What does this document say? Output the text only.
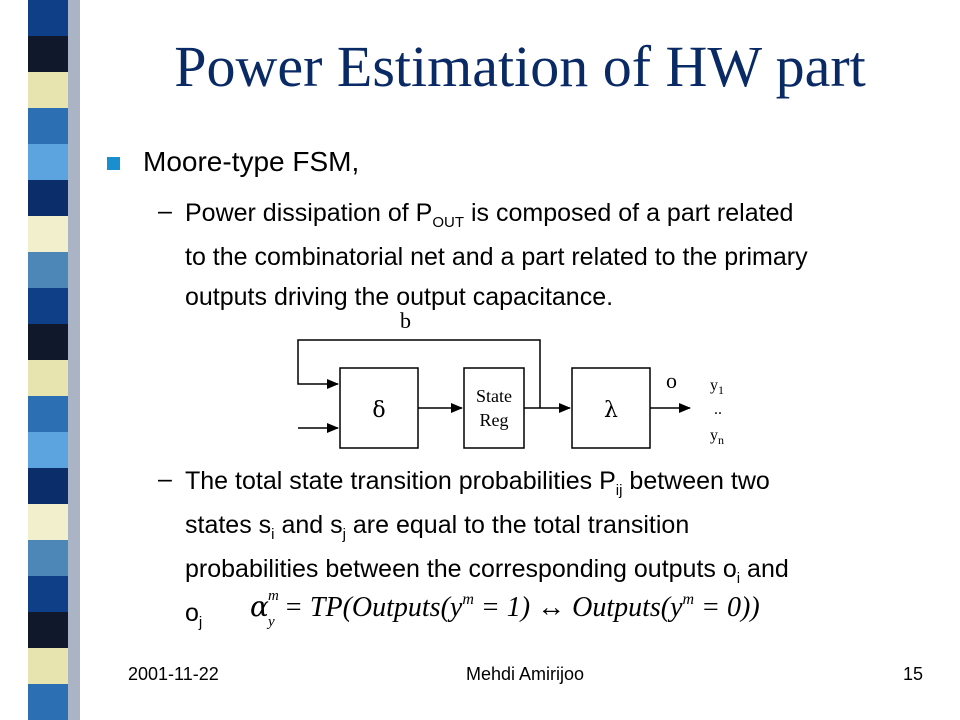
Power Estimation of HW part
Moore-type FSM,
– Power dissipation of $P_{OUT}$ is composed of a part related
to the combinatorial net and a part related to the primary
outputs driving the output capacitance.
b
δ
State
Reg	λ
o $y_1$
..
$y_n$
– The total state transition probabilities $P_{ij}$ between two
states $s_i$ and $s_j$ are equal to the total transition
probabilities between the corresponding outputs $o_i$ and
$o_j$	α m
$y = TP(Outputs(y^m = 1)$ ↔ $Outputs(y^m = 0)$)
2001-11-22	Mehdi Amirijoo	15
